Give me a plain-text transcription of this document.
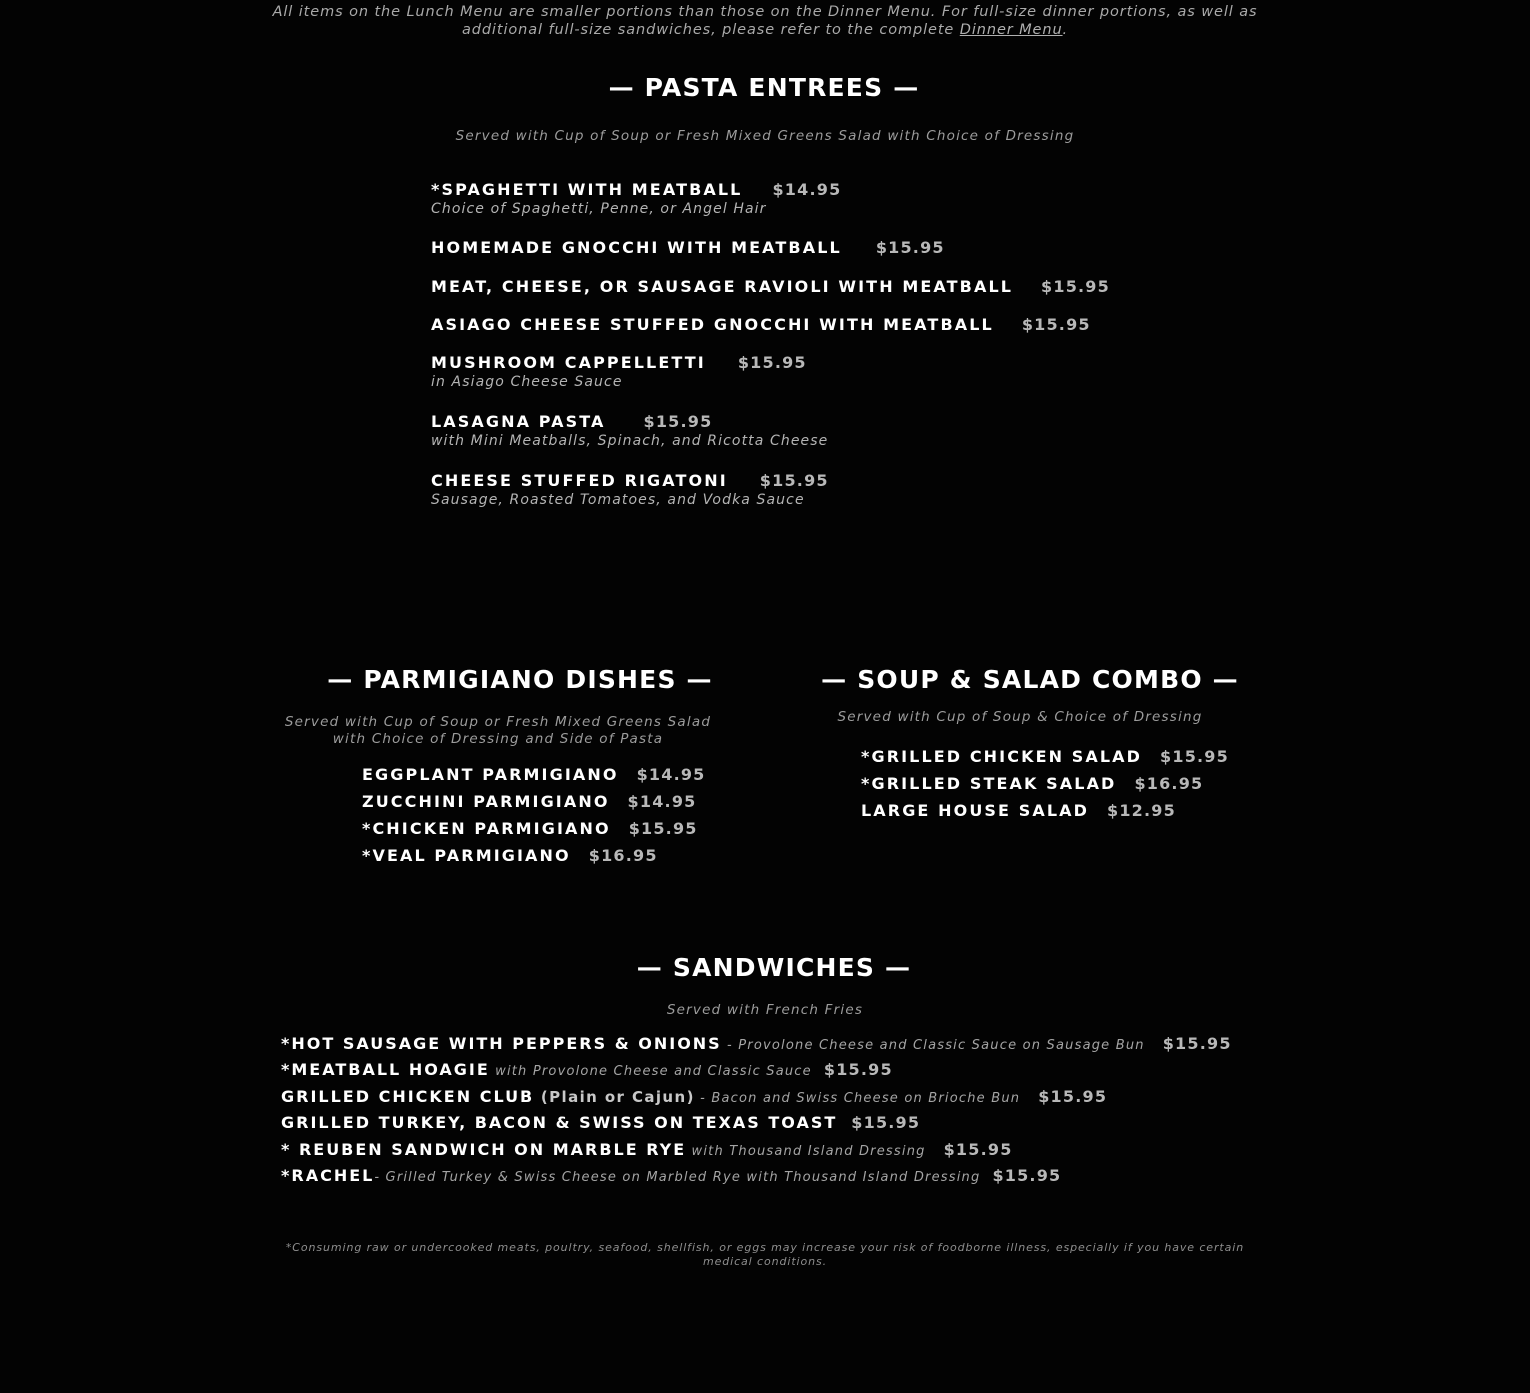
All items on the Lunch Menu are smaller portions than those on the Dinner Menu. For full-size dinner portions, as well as additional full-size sandwiches, please refer to the complete Dinner Menu.
— PASTA ENTREES —
Served with Cup of Soup or Fresh Mixed Greens Salad with Choice of Dressing
*SPAGHETTI WITH MEATBALL $14.95
Choice of Spaghetti, Penne, or Angel Hair
HOMEMADE GNOCCHI WITH MEATBALL $15.95
MEAT, CHEESE, OR SAUSAGE RAVIOLI WITH MEATBALL $15.95
ASIAGO CHEESE STUFFED GNOCCHI WITH MEATBALL $15.95
MUSHROOM CAPPELLETTI $15.95
in Asiago Cheese Sauce
LASAGNA PASTA $15.95
with Mini Meatballs, Spinach, and Ricotta Cheese
CHEESE STUFFED RIGATONI $15.95
Sausage, Roasted Tomatoes, and Vodka Sauce
— PARMIGIANO DISHES —
Served with Cup of Soup or Fresh Mixed Greens Salad
with Choice of Dressing and Side of Pasta
EGGPLANT PARMIGIANO $14.95
ZUCCHINI PARMIGIANO $14.95
*CHICKEN PARMIGIANO $15.95
*VEAL PARMIGIANO $16.95
— SOUP & SALAD COMBO —
Served with Cup of Soup & Choice of Dressing
*GRILLED CHICKEN SALAD $15.95
*GRILLED STEAK SALAD $16.95
LARGE HOUSE SALAD $12.95
— SANDWICHES —
Served with French Fries
*HOT SAUSAGE WITH PEPPERS & ONIONS - Provolone Cheese and Classic Sauce on Sausage Bun $15.95
*MEATBALL HOAGIE with Provolone Cheese and Classic Sauce $15.95
GRILLED CHICKEN CLUB (Plain or Cajun) - Bacon and Swiss Cheese on Brioche Bun $15.95
GRILLED TURKEY, BACON & SWISS ON TEXAS TOAST $15.95
* REUBEN SANDWICH ON MARBLE RYE with Thousand Island Dressing $15.95
*RACHEL- Grilled Turkey & Swiss Cheese on Marbled Rye with Thousand Island Dressing $15.95
*Consuming raw or undercooked meats, poultry, seafood, shellfish, or eggs may increase your risk of foodborne illness, especially if you have certain
medical conditions.
